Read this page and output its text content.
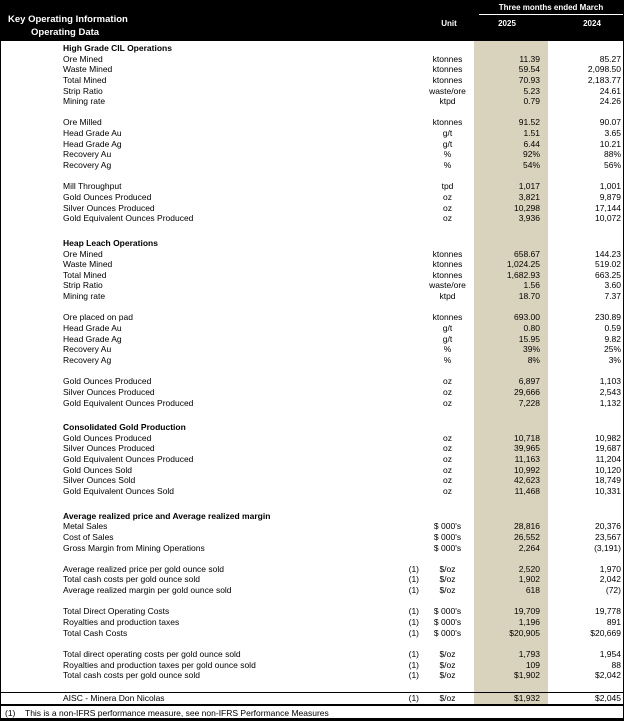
Key Operating Information
Operating Data
Three months ended March
Unit	2025	2024
High Grade CIL Operations
Ore Mined	ktonnes	11.39	85.27
Waste Mined	ktonnes	59.54	2,098.50
Total Mined	ktonnes	70.93	2,183.77
Strip Ratio	waste/ore	5.23	24.61
Mining rate	ktpd	0.79	24.26
Ore Milled	ktonnes	91.52	90.07
Head Grade Au	g/t	1.51	3.65
Head Grade Ag	g/t	6.44	10.21
Recovery Au	%	92%	88%
Recovery Ag	%	54%	56%
Mill Throughput	tpd	1,017	1,001
Gold Ounces Produced	oz	3,821	9,879
Silver Ounces Produced	oz	10,298	17,144
Gold Equivalent Ounces Produced	oz	3,936	10,072
Heap Leach Operations
Ore Mined	ktonnes	658.67	144.23
Waste Mined	ktonnes	1,024.25	519.02
Total Mined	ktonnes	1,682.93	663.25
Strip Ratio	waste/ore	1.56	3.60
Mining rate	ktpd	18.70	7.37
Ore placed on pad	ktonnes	693.00	230.89
Head Grade Au	g/t	0.80	0.59
Head Grade Ag	g/t	15.95	9.82
Recovery Au	%	39%	25%
Recovery Ag	%	8%	3%
Gold Ounces Produced	oz	6,897	1,103
Silver Ounces Produced	oz	29,666	2,543
Gold Equivalent Ounces Produced	oz	7,228	1,132
Consolidated Gold Production
Gold Ounces Produced	oz	10,718	10,982
Silver Ounces Produced	oz	39,965	19,687
Gold Equivalent Ounces Produced	oz	11,163	11,204
Gold Ounces Sold	oz	10,992	10,120
Silver Ounces Sold	oz	42,623	18,749
Gold Equivalent Ounces Sold	oz	11,468	10,331
Average realized price and Average realized margin
Metal Sales	$ 000's	28,816	20,376
Cost of Sales	$ 000's	26,552	23,567
Gross Margin from Mining Operations	$ 000's	2,264	(3,191)
Average realized price per gold ounce sold	(1)	$/oz	2,520	1,970
Total cash costs per gold ounce sold	(1)	$/oz	1,902	2,042
Average realized margin per gold ounce sold	(1)	$/oz	618	(72)
Total Direct Operating Costs	(1)	$ 000's	19,709	19,778
Royalties and production taxes	(1)	$ 000's	1,196	891
Total Cash Costs	(1)	$ 000's	$20,905	$20,669
Total direct operating costs per gold ounce sold	(1)	$/oz	1,793	1,954
Royalties and production taxes per gold ounce sold	(1)	$/oz	109	88
Total cash costs per gold ounce sold	(1)	$/oz	$1,902	$2,042
AISC - Minera Don Nicolas	(1)	$/oz	$1,932	$2,045
(1) This is a non-IFRS performance measure, see non-IFRS Performance Measures
